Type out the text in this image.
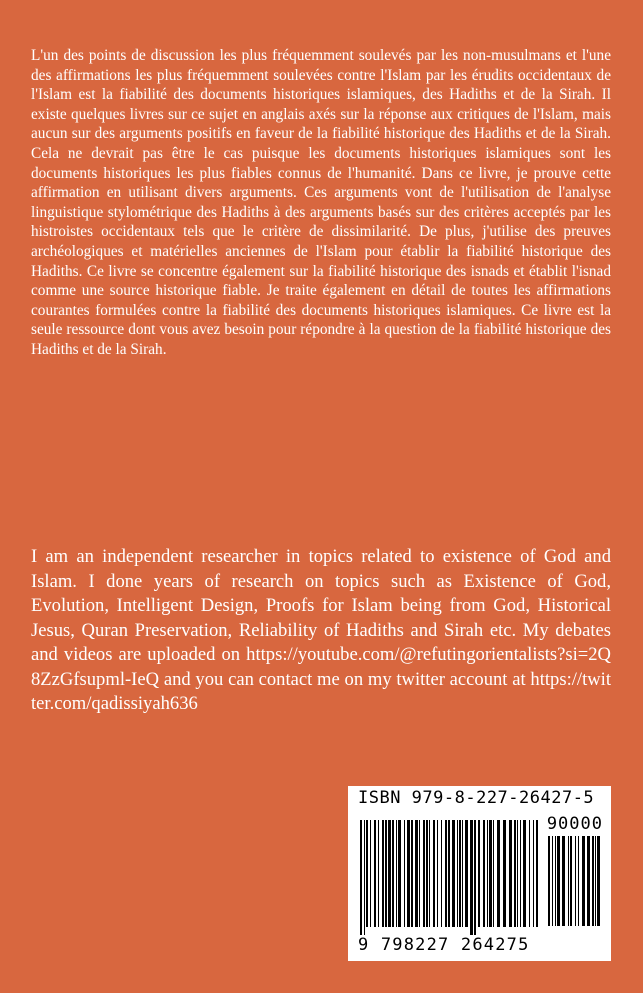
L'un des points de discussion les plus fréquemment soulevés par les non-musulmans et l'une des affirmations les plus fréquemment soulevées contre l'Islam par les érudits occidentaux de l'Islam est la fiabilité des documents historiques islamiques, des Hadiths et de la Sirah. Il existe quelques livres sur ce sujet en anglais axés sur la réponse aux critiques de l'Islam, mais aucun sur des arguments positifs en faveur de la fiabilité historique des Hadiths et de la Sirah. Cela ne devrait pas être le cas puisque les documents historiques islamiques sont les documents historiques les plus fiables connus de l'humanité. Dans ce livre, je prouve cette affirmation en utilisant divers arguments. Ces arguments vont de l'utilisation de l'analyse linguistique stylométrique des Hadiths à des arguments basés sur des critères acceptés par les histroistes occidentaux tels que le critère de dissimilarité. De plus, j'utilise des preuves archéologiques et matérielles anciennes de l'Islam pour établir la fiabilité historique des Hadiths. Ce livre se concentre également sur la fiabilité historique des isnads et établit l'isnad comme une source historique fiable. Je traite également en détail de toutes les affirmations courantes formulées contre la fiabilité des documents historiques islamiques. Ce livre est la seule ressource dont vous avez besoin pour répondre à la question de la fiabilité historique des Hadiths et de la Sirah.
I am an independent researcher in topics related to existence of God and Islam. I done years of research on topics such as Existence of God, Evolution, Intelligent Design, Proofs for Islam being from God, Historical Jesus, Quran Preservation, Reliability of Hadiths and Sirah etc. My debates and videos are uploaded on https://youtube.com/@refutingorientalists?si=2Q8ZzGfsupml-IeQ and you can contact me on my twitter account at https://twitter.com/qadissiyah636
ISBN 979-8-227-26427-5
90000
9 798227 264275
